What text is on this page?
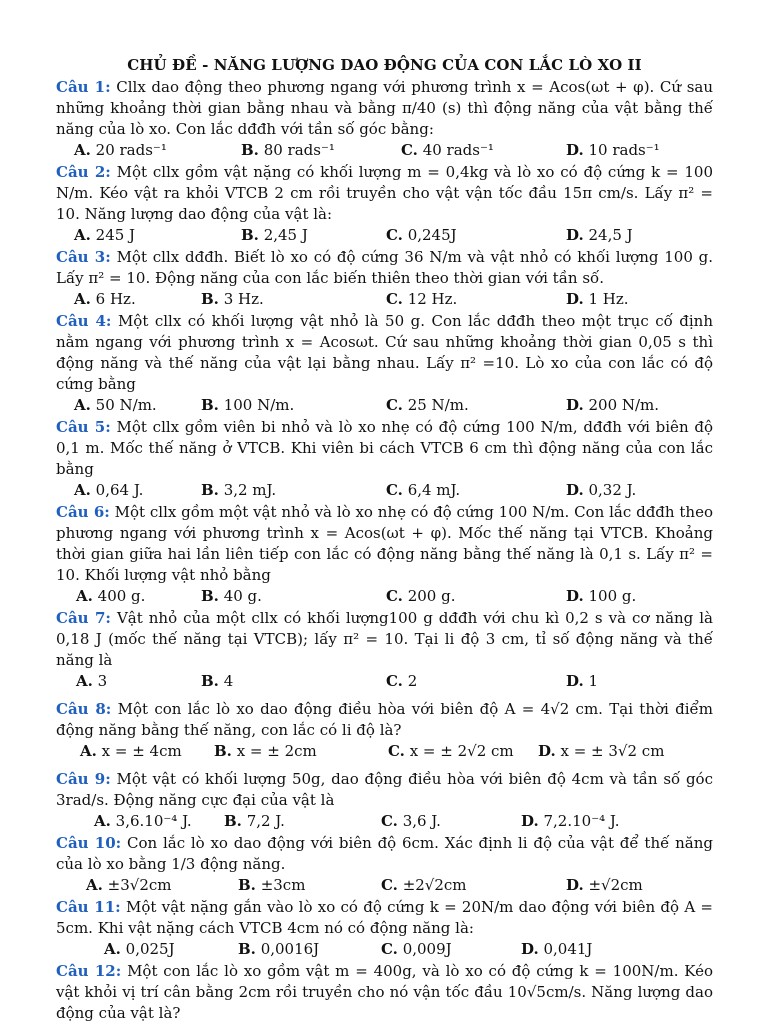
CHỦ ĐỀ - NĂNG LƯỢNG DAO ĐỘNG CỦA CON LẮC LÒ XO II

Câu 1: Cllx dao động theo phương ngang với phương trình x = Acos(ωt + φ). Cứ sau những khoảng thời gian bằng nhau và bằng π/40 (s) thì động năng của vật bằng thế năng của lò xo. Con lắc dđđh với tần số góc bằng:

A. 20 rads⁻¹	B. 80 rads⁻¹	C. 40 rads⁻¹	D. 10 rads⁻¹

Câu 2: Một cllx gồm vật nặng có khối lượng m = 0,4kg và lò xo có độ cứng k = 100 N/m. Kéo vật ra khỏi VTCB 2 cm rồi truyền cho vật vận tốc đầu 15π cm/s. Lấy π² = 10. Năng lượng dao động của vật là:

A. 245 J	B. 2,45 J	C. 0,245J	D. 24,5 J

Câu 3: Một cllx dđđh. Biết lò xo có độ cứng 36 N/m và vật nhỏ có khối lượng 100 g. Lấy π² = 10. Động năng của con lắc biến thiên theo thời gian với tần số.

A. 6 Hz.	B. 3 Hz.	C. 12 Hz.	D. 1 Hz.

Câu 4: Một cllx có khối lượng vật nhỏ là 50 g. Con lắc dđđh theo một trục cố định nằm ngang với phương trình x = Acosωt. Cứ sau những khoảng thời gian 0,05 s thì động năng và thế năng của vật lại bằng nhau. Lấy π² =10. Lò xo của con lắc có độ cứng bằng

A. 50 N/m.	B. 100 N/m.	C. 25 N/m.	D. 200 N/m.

Câu 5: Một cllx gồm viên bi nhỏ và lò xo nhẹ có độ cứng 100 N/m, dđđh với biên độ 0,1 m. Mốc thế năng ở VTCB. Khi viên bi cách VTCB 6 cm thì động năng của con lắc bằng

A. 0,64 J.	B. 3,2 mJ.	C. 6,4 mJ.	D. 0,32 J.

Câu 6: Một cllx gồm một vật nhỏ và lò xo nhẹ có độ cứng 100 N/m. Con lắc dđđh theo phương ngang với phương trình x = Acos(ωt + φ). Mốc thế năng tại VTCB. Khoảng thời gian giữa hai lần liên tiếp con lắc có động năng bằng thế năng là 0,1 s. Lấy π² = 10. Khối lượng vật nhỏ bằng

A. 400 g.	B. 40 g.	C. 200 g.	D. 100 g.

Câu 7: Vật nhỏ của một cllx có khối lượng100 g dđđh với chu kì 0,2 s và cơ năng là 0,18 J (mốc thế năng tại VTCB); lấy π² = 10. Tại li độ 3 cm, tỉ số động năng và thế năng là

A. 3	B. 4	C. 2	D. 1

Câu 8: Một con lắc lò xo dao động điều hòa với biên độ A = 4√2 cm. Tại thời điểm động năng bằng thế năng, con lắc có li độ là?

A. x = ± 4cm B. x = ± 2cm	C. x = ± 2√2 cm D. x = ± 3√2 cm

Câu 9: Một vật có khối lượng 50g, dao động điều hòa với biên độ 4cm và tần số góc 3rad/s. Động năng cực đại của vật là

A. 3,6.10⁻⁴ J. B. 7,2 J.	C. 3,6 J.	D. 7,2.10⁻⁴ J.

Câu 10: Con lắc lò xo dao động với biên độ 6cm. Xác định li độ của vật để thế năng của lò xo bằng 1/3 động năng.

A. ±3√2cm	B. ±3cm	C. ±2√2cm	D. ±√2cm

Câu 11: Một vật nặng gắn vào lò xo có độ cứng k = 20N/m dao động với biên độ A = 5cm. Khi vật nặng cách VTCB 4cm nó có động năng là:

A. 0,025J	B. 0,0016J	C. 0,009J	D. 0,041J

Câu 12: Một con lắc lò xo gồm vật m = 400g, và lò xo có độ cứng k = 100N/m. Kéo vật khỏi vị trí cân bằng 2cm rồi truyền cho nó vận tốc đầu 10√5cm/s. Năng lượng dao động của vật là?
